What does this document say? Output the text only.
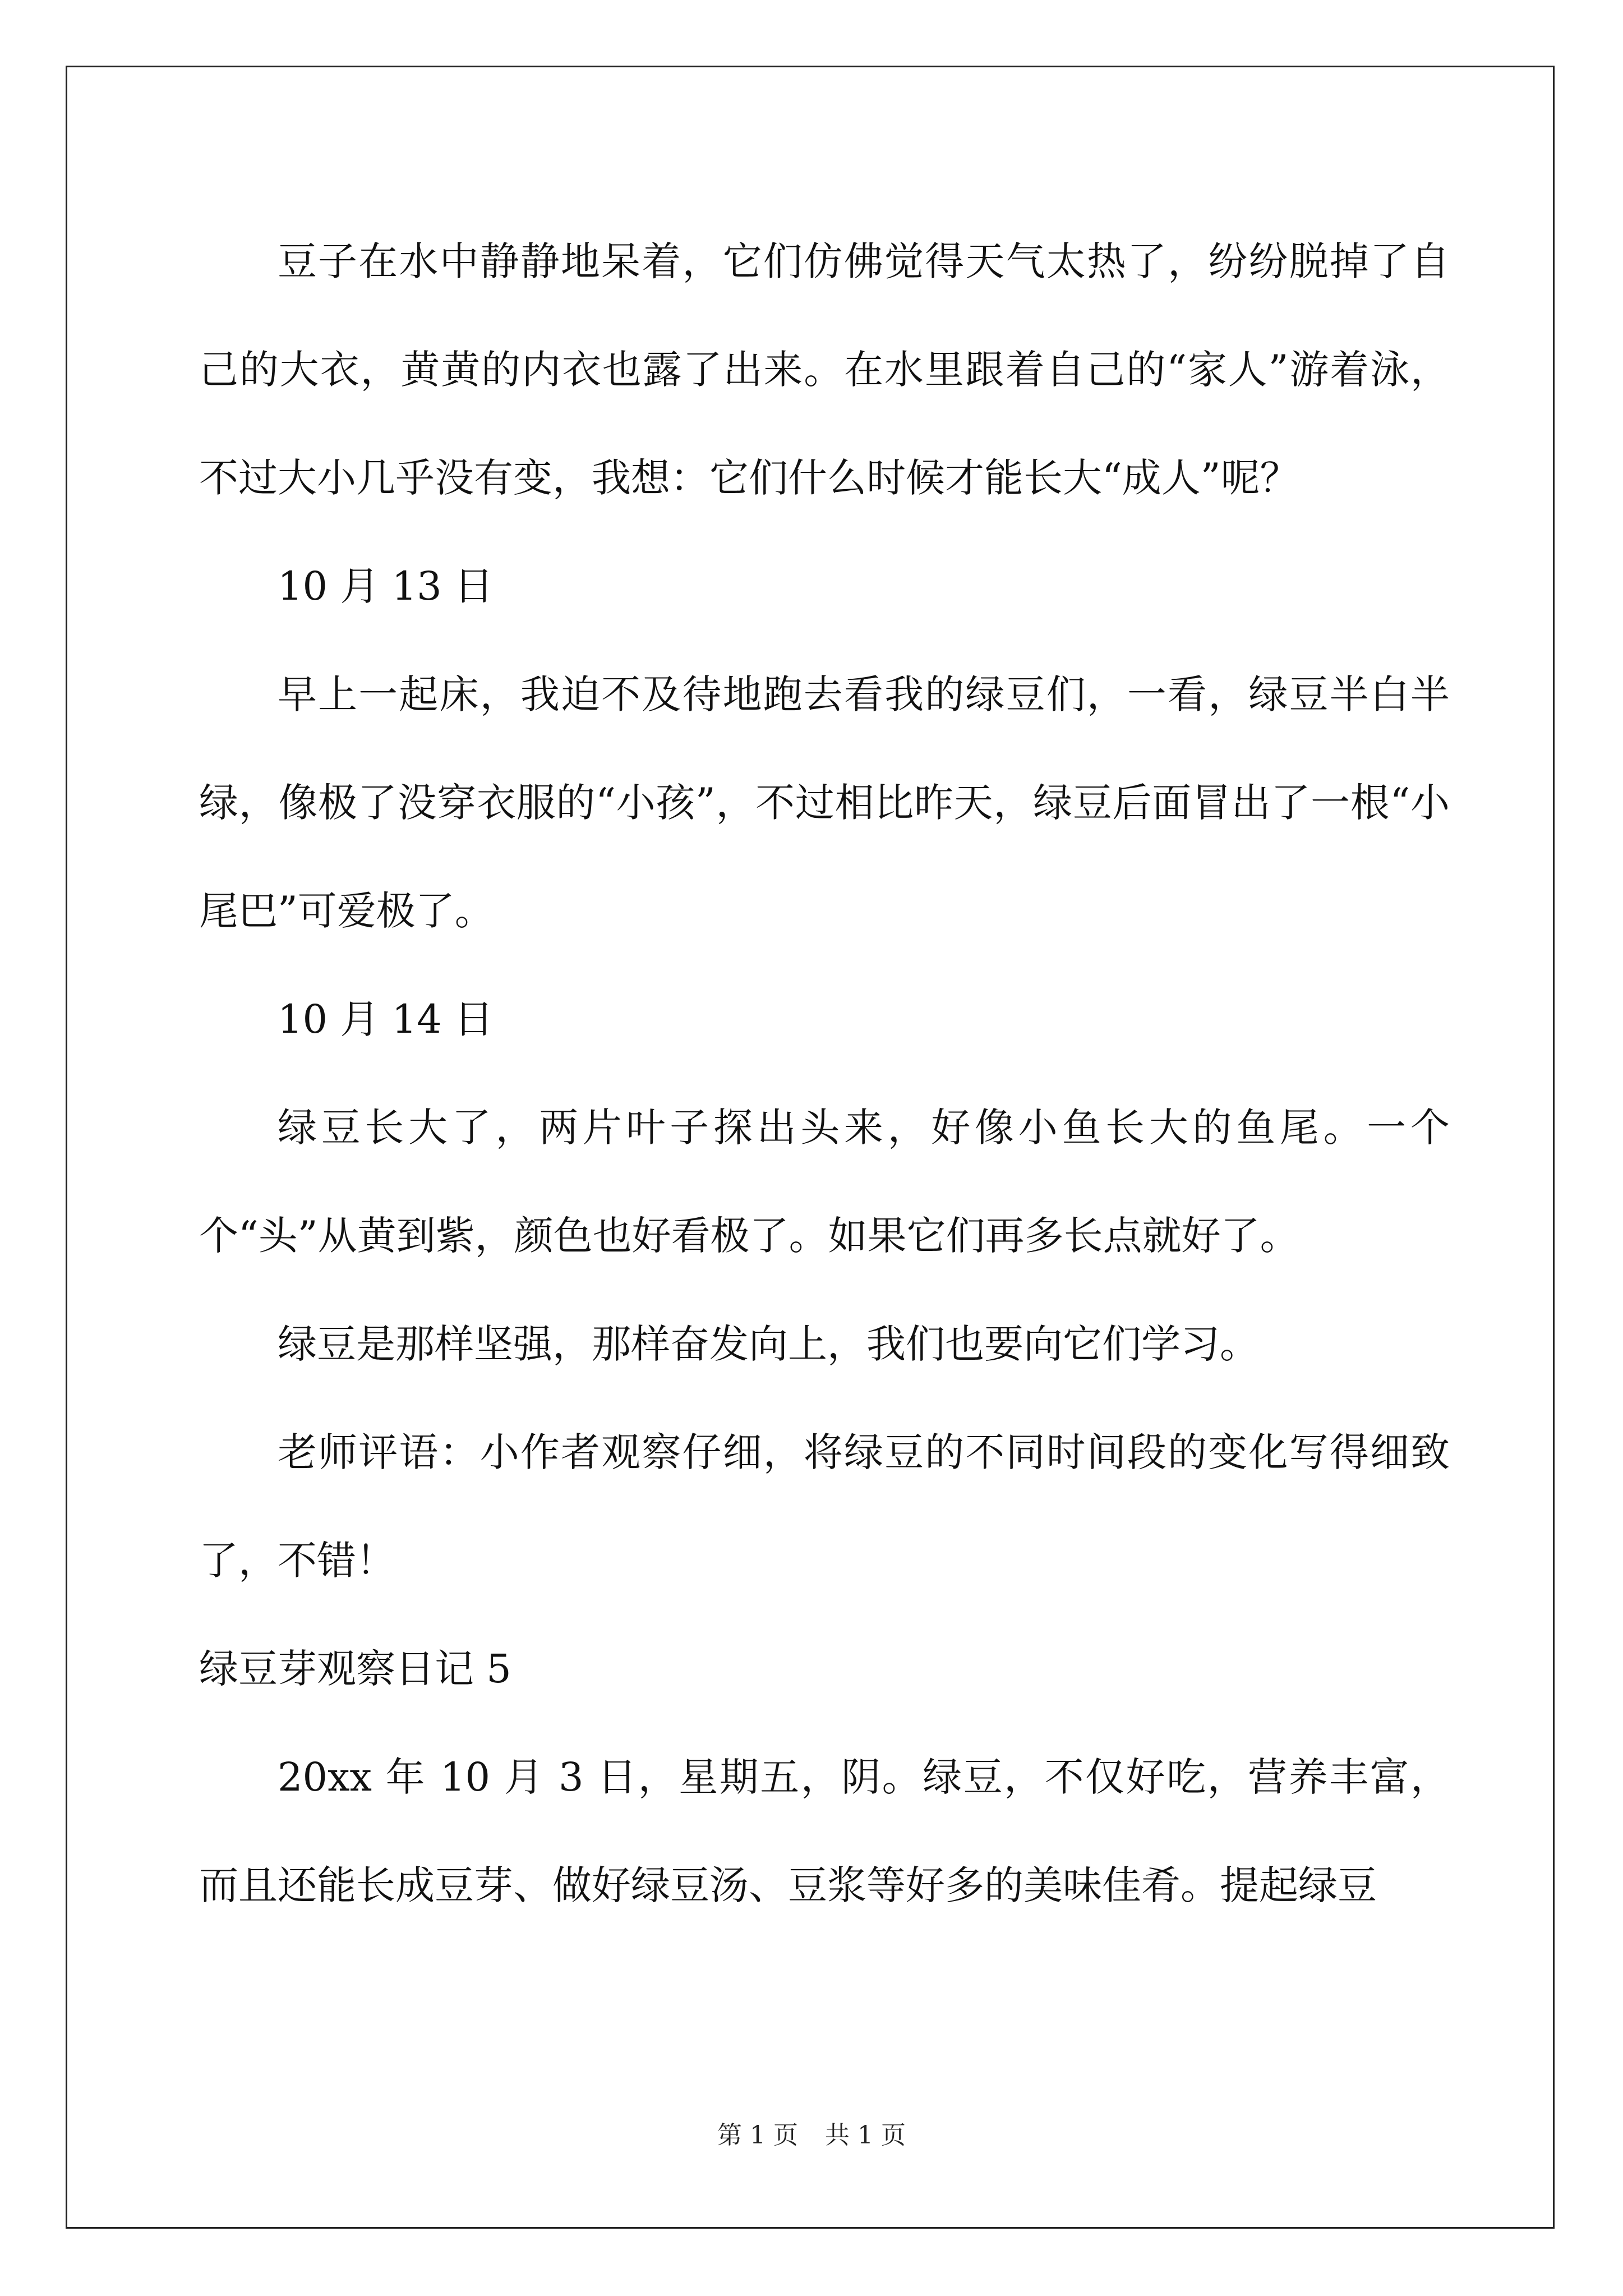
豆子在水中静静地呆着，它们仿佛觉得天气太热了，纷纷脱掉了自己的大衣，黄黄的内衣也露了出来。在水里跟着自己的“家人”游着泳，不过大小几乎没有变，我想：它们什么时候才能长大“成人”呢？

10 月 13 日

早上一起床，我迫不及待地跑去看我的绿豆们，一看，绿豆半白半绿，像极了没穿衣服的“小孩”，不过相比昨天，绿豆后面冒出了一根“小尾巴”可爱极了。

10 月 14 日

绿豆长大了，两片叶子探出头来，好像小鱼长大的鱼尾。一个个“头”从黄到紫，颜色也好看极了。如果它们再多长点就好了。

绿豆是那样坚强，那样奋发向上，我们也要向它们学习。

老师评语：小作者观察仔细，将绿豆的不同时间段的变化写得细致了，不错！

绿豆芽观察日记 5

20xx 年 10 月 3 日，星期五，阴。绿豆，不仅好吃，营养丰富，而且还能长成豆芽、做好绿豆汤、豆浆等好多的美味佳肴。提起绿豆

第 1 页 共 1 页
